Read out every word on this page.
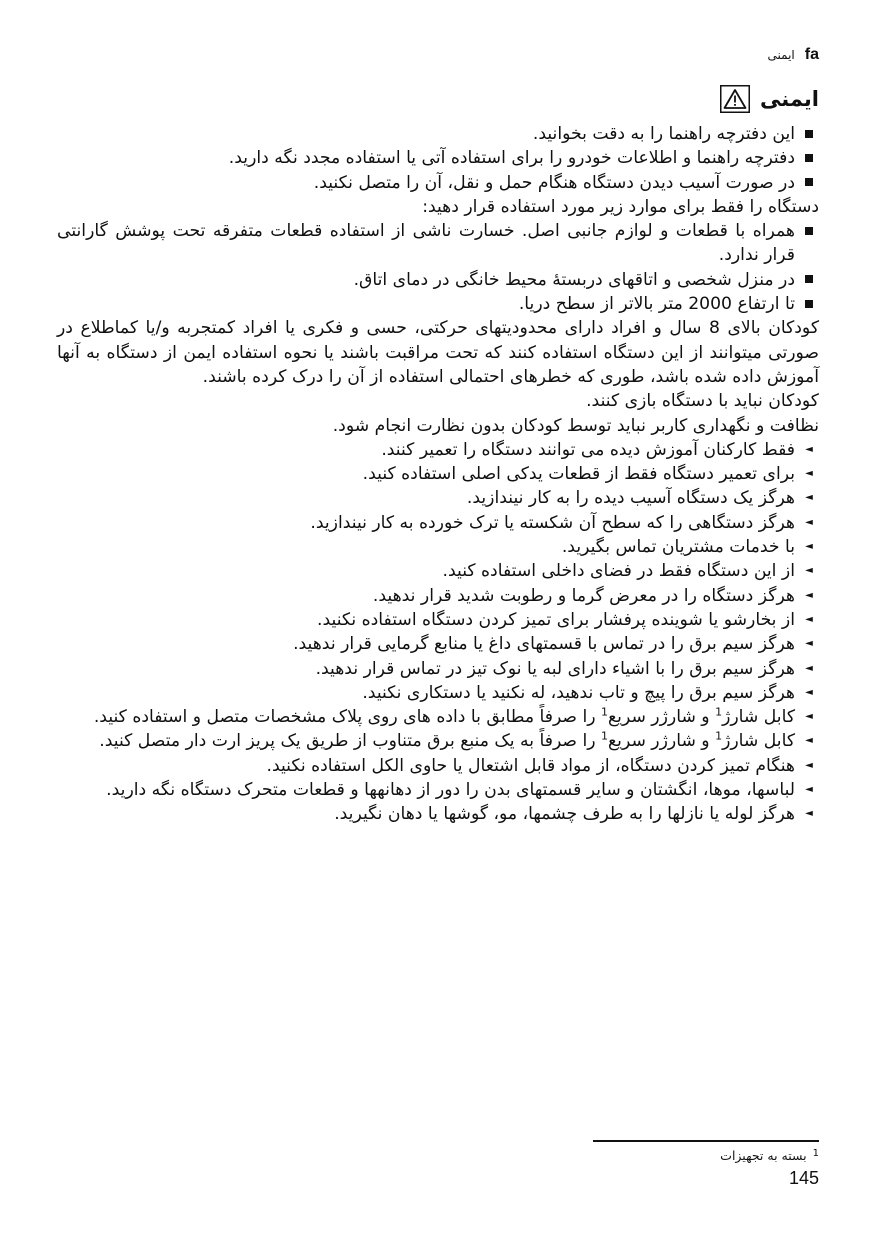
fa
ایمنی
ایمنی
این دفترچه راهنما را به دقت بخوانید.
دفترچه راهنما و اطلاعات خودرو را برای استفاده آتی یا استفاده مجدد نگه دارید.
در صورت آسیب دیدن دستگاه هنگام حمل و نقل، آن را متصل نکنید.

دستگاه را فقط برای موارد زیر مورد استفاده قرار دهید:

همراه با قطعات و لوازم جانبی اصل. خسارت ناشی از استفاده قطعات متفرقه تحت پوشش گارانتی قرار ندارد.
در منزل شخصی و اتاقهای دربستهٔ محیط خانگی در دمای اتاق.
تا ارتفاع 2000 متر بالاتر از سطح دریا.

کودکان بالای 8 سال و افراد دارای محدودیتهای حرکتی، حسی و فکری یا افراد کمتجربه و/یا کماطلاع در صورتی میتوانند از این دستگاه استفاده کنند که تحت مراقبت باشند یا نحوه استفاده ایمن از دستگاه به آنها آموزش داده شده باشد، طوری که خطرهای احتمالی استفاده از آن را درک کرده باشند.

کودکان نباید با دستگاه بازی کنند.

نظافت و نگهداری کاربر نباید توسط کودکان بدون نظارت انجام شود.

◄
فقط کارکنان آموزش دیده می توانند دستگاه را تعمیر کنند.
◄
برای تعمیر دستگاه فقط از قطعات یدکی اصلی استفاده کنید.
◄
هرگز یک دستگاه آسیب دیده را به کار نیندازید.
◄
هرگز دستگاهی را که سطح آن شکسته یا ترک خورده به کار نیندازید.
◄
با خدمات مشتریان تماس بگیرید.
◄
از این دستگاه فقط در فضای داخلی استفاده کنید.
◄
هرگز دستگاه را در معرض گرما و رطوبت شدید قرار ندهید.
◄
از بخارشو یا شوینده پرفشار برای تمیز کردن دستگاه استفاده نکنید.
◄
هرگز سیم برق را در تماس با قسمتهای داغ یا منابع گرمایی قرار ندهید.
◄
هرگز سیم برق را با اشیاء دارای لبه یا نوک تیز در تماس قرار ندهید.
◄
هرگز سیم برق را پیچ و تاب ندهید، له نکنید یا دستکاری نکنید.
◄
کابل شارژ$^1$ و شارژر سریع$^1$ را صرفاً مطابق با داده های روی پلاک مشخصات متصل و استفاده کنید.
◄
کابل شارژ$^1$ و شارژر سریع$^1$ را صرفاً به یک منبع برق متناوب از طریق یک پریز ارت دار متصل کنید.
◄
هنگام تمیز کردن دستگاه، از مواد قابل اشتعال یا حاوی الکل استفاده نکنید.
◄
لباسها، موها، انگشتان و سایر قسمتهای بدن را دور از دهانهها و قطعات متحرک دستگاه نگه دارید.
◄
هرگز لوله یا نازلها را به طرف چشمها، مو، گوشها یا دهان نگیرید.
1
بسته به تجهیزات
145
